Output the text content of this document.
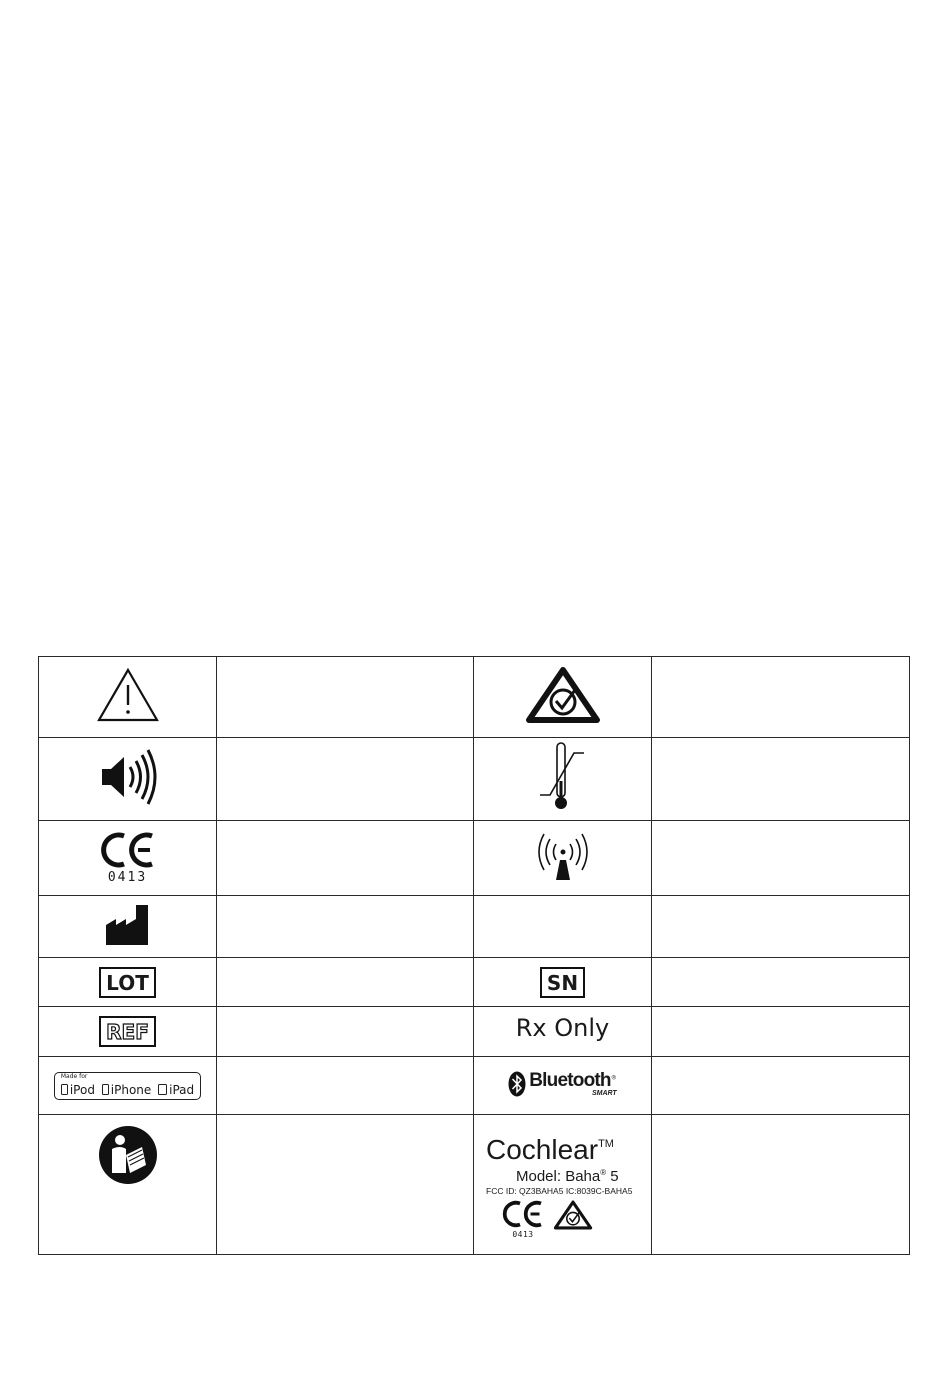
0413

LOT		SN	
REF		Rx Only	

Made for
iPod iPhone iPad		Bluetooth®
SMART	

Cochlear™
Model: Baha® 5
FCC ID: QZ3BAHA5 IC:8039C-BAHA5
0413	
